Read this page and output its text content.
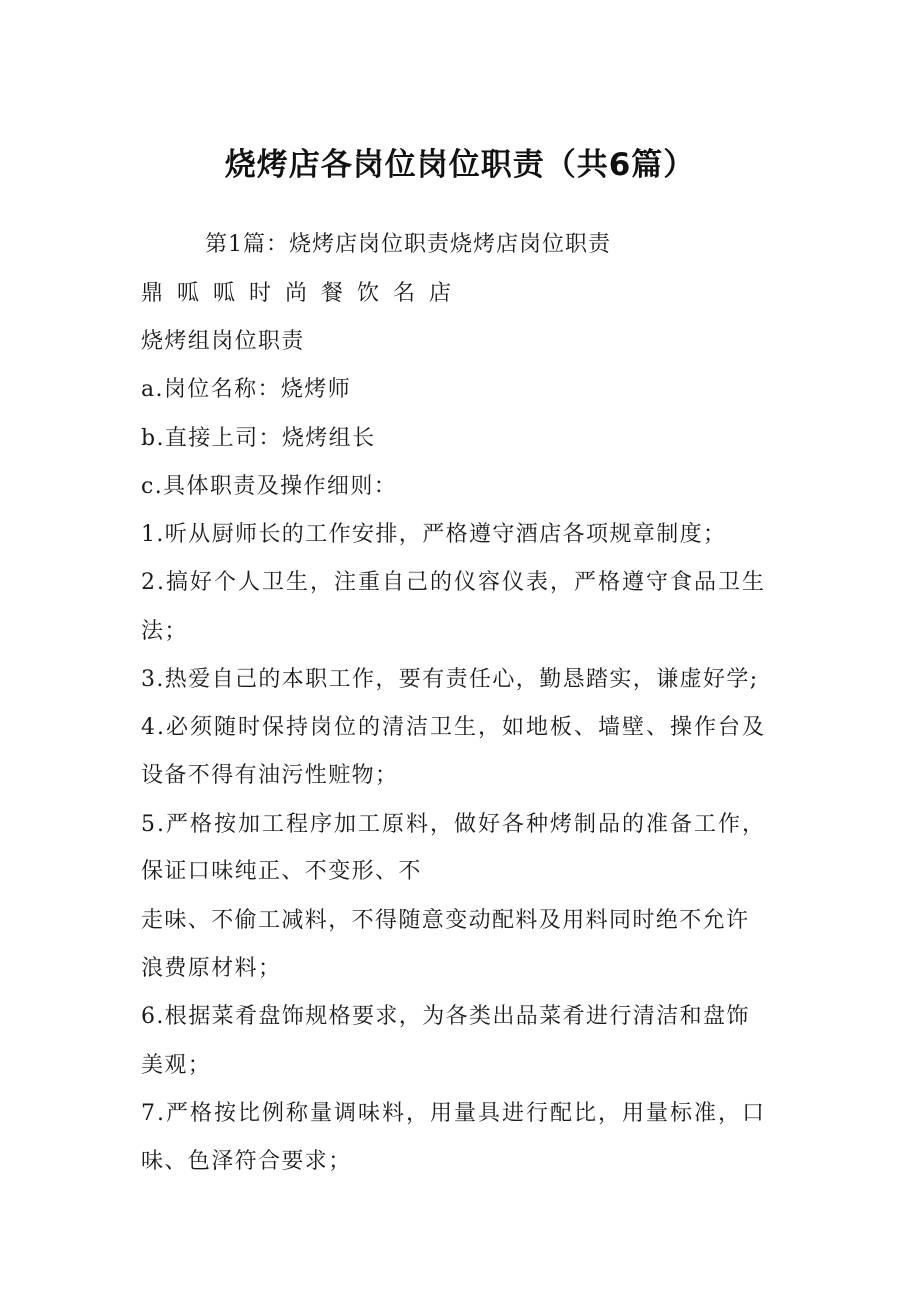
烧烤店各岗位岗位职责（共6篇）
第1篇：烧烤店岗位职责烧烤店岗位职责
鼎呱呱时尚餐饮名店
烧烤组岗位职责
a.岗位名称：烧烤师
b.直接上司：烧烤组长
c.具体职责及操作细则：
1.听从厨师长的工作安排，严格遵守酒店各项规章制度；
2.搞好个人卫生，注重自己的仪容仪表，严格遵守食品卫生
法；
3.热爱自己的本职工作，要有责任心，勤恳踏实，谦虚好学;
4.必须随时保持岗位的清洁卫生，如地板、墙壁、操作台及
设备不得有油污性赃物；
5.严格按加工程序加工原料，做好各种烤制品的准备工作，
保证口味纯正、不变形、不
走味、不偷工减料，不得随意变动配料及用料同时绝不允许
浪费原材料；
6.根据菜肴盘饰规格要求，为各类出品菜肴进行清洁和盘饰
美观；
7.严格按比例称量调味料，用量具进行配比，用量标准，口
味、色泽符合要求；
